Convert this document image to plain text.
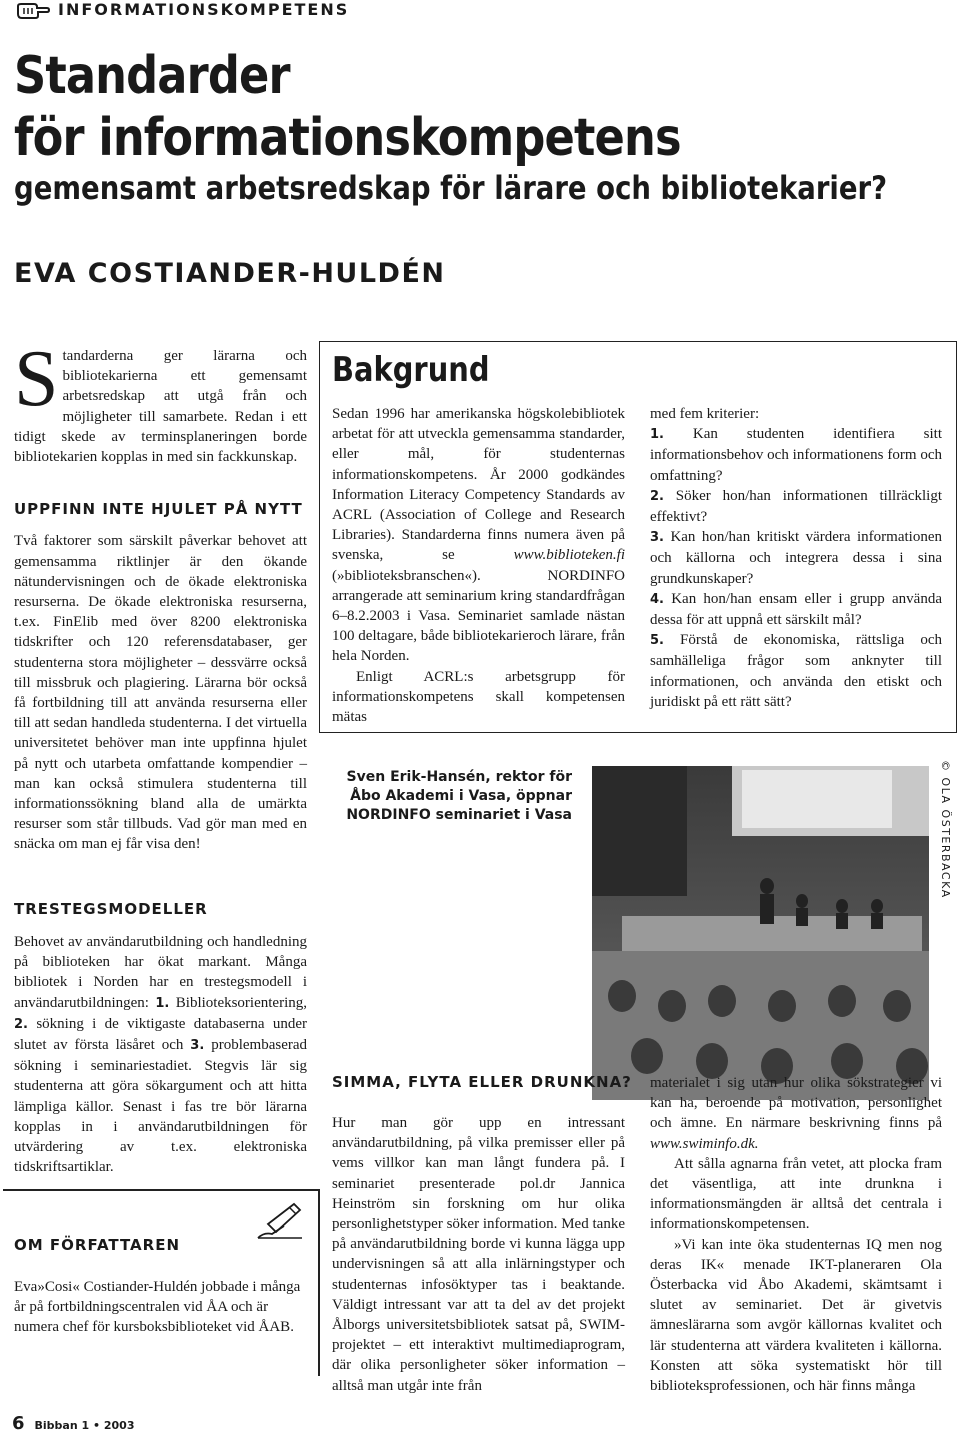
INFORMATIONSKOMPETENS
Standarder
för informationskompetens
gemensamt arbetsredskap för lärare och bibliotekarier?
EVA COSTIANDER-HULDÉN

Standarderna ger lärarna och bibliotekarierna ett gemensamt arbetsredskap att utgå från och möjligheter till samarbete. Redan i ett tidigt skede av terminsplaneringen borde bibliotekarien kopplas in med sin fackkunskap.

UPPFINN INTE HJULET PÅ NYTT

Två faktorer som särskilt påverkar behovet att gemensamma riktlinjer är den ökande nätundervisningen och de ökade elektroniska resurserna. De ökade elektroniska resurserna, t.ex. FinElib med över 8200 elektroniska tidskrifter och 120 referensdatabaser, ger studenterna stora möjligheter – dessvärre också till missbruk och plagiering. Lärarna bör också få fortbildning till att använda resurserna eller till att sedan handleda studenterna. I det virtuella universitetet behöver man inte uppfinna hjulet på nytt och utarbeta omfattande kompendier – man kan också stimulera studenterna till informationssökning bland alla de umärkta resurser som står tillbuds. Vad gör man med en snäcka om man ej får visa den!

Bakgrund

Sedan 1996 har amerikanska högskolebibliotek arbetat för att utveckla gemensamma standarder, eller mål, för studenternas informationskompetens. År 2000 godkändes Information Literacy Competency Standards av ACRL (Association of College and Research Libraries). Standarderna finns numera även på svenska, se	www.biblioteken.fi (»biblioteksbranschen«). NORDINFO arrangerade att seminarium kring standardfrågan 6–8.2.2003 i Vasa. Seminariet samlade nästan 100 deltagare, både bibliotekarieroch lärare, från hela Norden.

Enligt ACRL:s arbetsgrupp för informationskompetens skall kompetensen mätas

med fem kriterier:

1. Kan studenten identifiera sitt informationsbehov och informationens form och omfattning?

2. Söker hon/han informationen tillräckligt effektivt?

3. Kan hon/han kritiskt värdera informationen och källorna och integrera dessa i sina grundkunskaper?

4. Kan hon/han ensam eller i grupp använda dessa för att uppnå ett särskilt mål?

5. Förstå de ekonomiska, rättsliga och samhälleliga frågor som anknyter till informationen, och använda den etiskt och juridiskt på ett rätt sätt?

Sven Erik-Hansén, rektor för Åbo Akademi i Vasa, öppnar NORDINFO seminariet i Vasa	© OLA ÖSTERBACKA
TRESTEGSMODELLER

Behovet av användarutbildning och handledning på biblioteken har ökat markant. Många bibliotek i Norden har en trestegsmodell i användarutbildningen: 1. Biblioteksorientering, 2. sökning i de viktigaste databaserna under slutet av första läsåret och 3. problembaserad sökning i seminariestadiet. Stegvis lär sig studenterna att göra sökargument och att hitta lämpliga källor. Senast i fas tre bör lärarna kopplas in i användarutbildningen för utvärdering av t.ex. elektroniska tidskriftsartiklar.

OM FÖRFATTAREN
Eva»Cosi« Costiander-Huldén jobbade i många år på fortbildningscentralen vid ÅA och är numera chef för kursboksbiblioteket vid ÅAB.
SIMMA, FLYTA ELLER DRUNKNA?
Hur man gör upp en intressant användarutbildning, på vilka premisser eller på vems villkor kan man långt fundera på. I seminariet presenterade pol.dr Jannica Heinström sin forskning om hur olika personlighetstyper söker information. Med tanke på användarutbildning borde vi kunna lägga upp undervisningen så att alla inlärningstyper och studenternas infosöktyper tas i beaktande. Väldigt intressant var att ta del av det projekt Ålborgs universitetsbibliotek satsat på, SWIM-projektet – ett interaktivt multimediaprogram, där olika personligheter söker information – alltså man utgår inte från

materialet i sig utan hur olika sökstrategier vi kan ha, beroende på motivation, personlighet och ämne. En närmare beskrivning finns på www.swiminfo.dk.

Att sålla agnarna från vetet, att plocka fram det väsentliga, att inte drunkna i informationsmängden är alltså det centrala i informationskompetensen.

»Vi kan inte öka studenternas IQ men nog deras IK« menade IKT-planeraren Ola Österbacka vid Åbo Akademi, skämtsamt i slutet av seminariet. Det är givetvis ämneslärarna som avgör källornas kvalitet och lär studenterna att värdera kvaliteten i källorna. Konsten att söka systematiskt hör till biblioteksprofessionen, och här finns många

6 Bibban 1 • 2003
